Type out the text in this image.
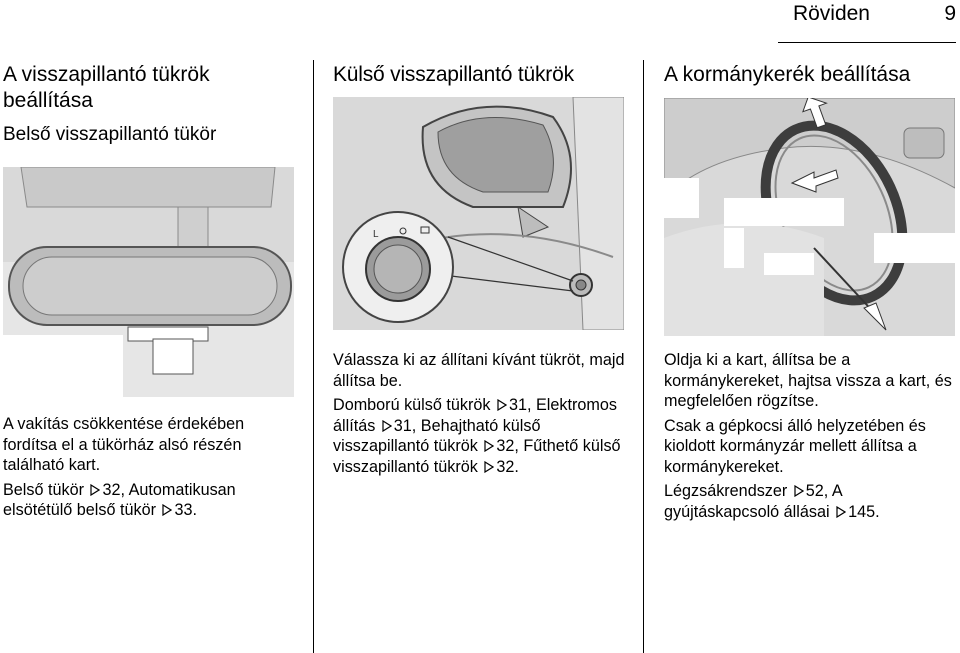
Röviden	9
A visszapillantó tükrök beállítása
Belső visszapillantó tükör

A vakítás csökkentése érdekében fordítsa el a tükörház alsó részén található kart.

Belső tükör 32, Automatikusan elsötétülő belső tükör 33.

Külső visszapillantó tükrök
L

Válassza ki az állítani kívánt tükröt, majd állítsa be.

Domború külső tükrök 31, Elektromos állítás 31, Behajtható külső visszapillantó tükrök 32, Fűthető külső visszapillantó tükrök 32.

A kormánykerék beállítása

Oldja ki a kart, állítsa be a kormánykereket, hajtsa vissza a kart, és megfelelően rögzítse.

Csak a gépkocsi álló helyzetében és kioldott kormányzár mellett állítsa a kormánykereket.

Légzsákrendszer 52, A gyújtáskapcsoló állásai 145.
